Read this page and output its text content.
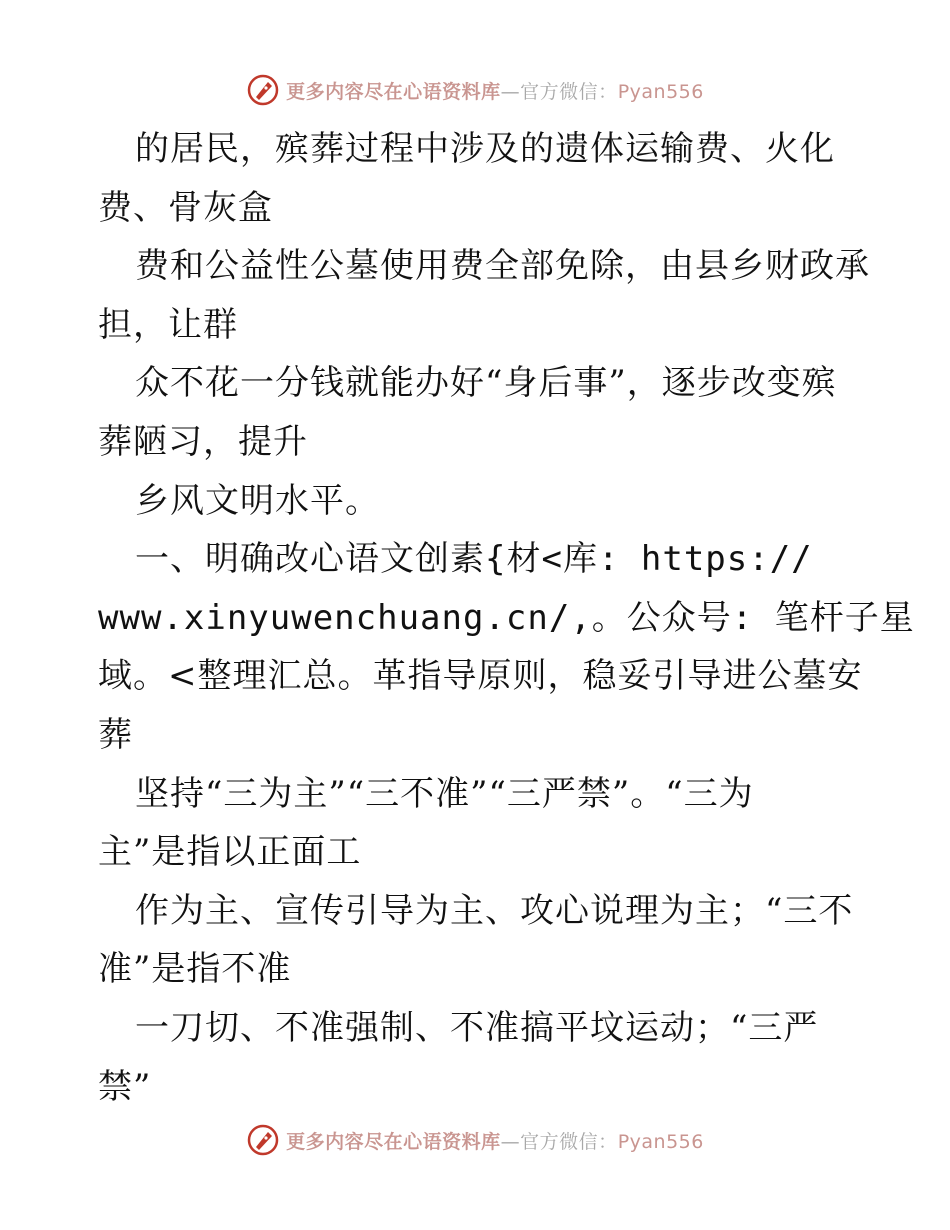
更多内容尽在心语资料库—官方微信：Pyan556
的居民，殡葬过程中涉及的遗体运输费、火化
费、骨灰盒
费和公益性公墓使用费全部免除，由县乡财政承
担，让群
众不花一分钱就能办好“身后事”，逐步改变殡
葬陋习，提升
乡风文明水平。
一、明确改心语文创素{材<库: https://
www.xinyuwenchuang.cn/,。公众号: 笔杆子星
域。<整理汇总。革指导原则，稳妥引导进公墓安
葬
坚持“三为主”“三不准”“三严禁”。“三为
主”是指以正面工
作为主、宣传引导为主、攻心说理为主；“三不
准”是指不准
一刀切、不准强制、不准搞平坟运动；“三严
禁”
更多内容尽在心语资料库—官方微信：Pyan556
